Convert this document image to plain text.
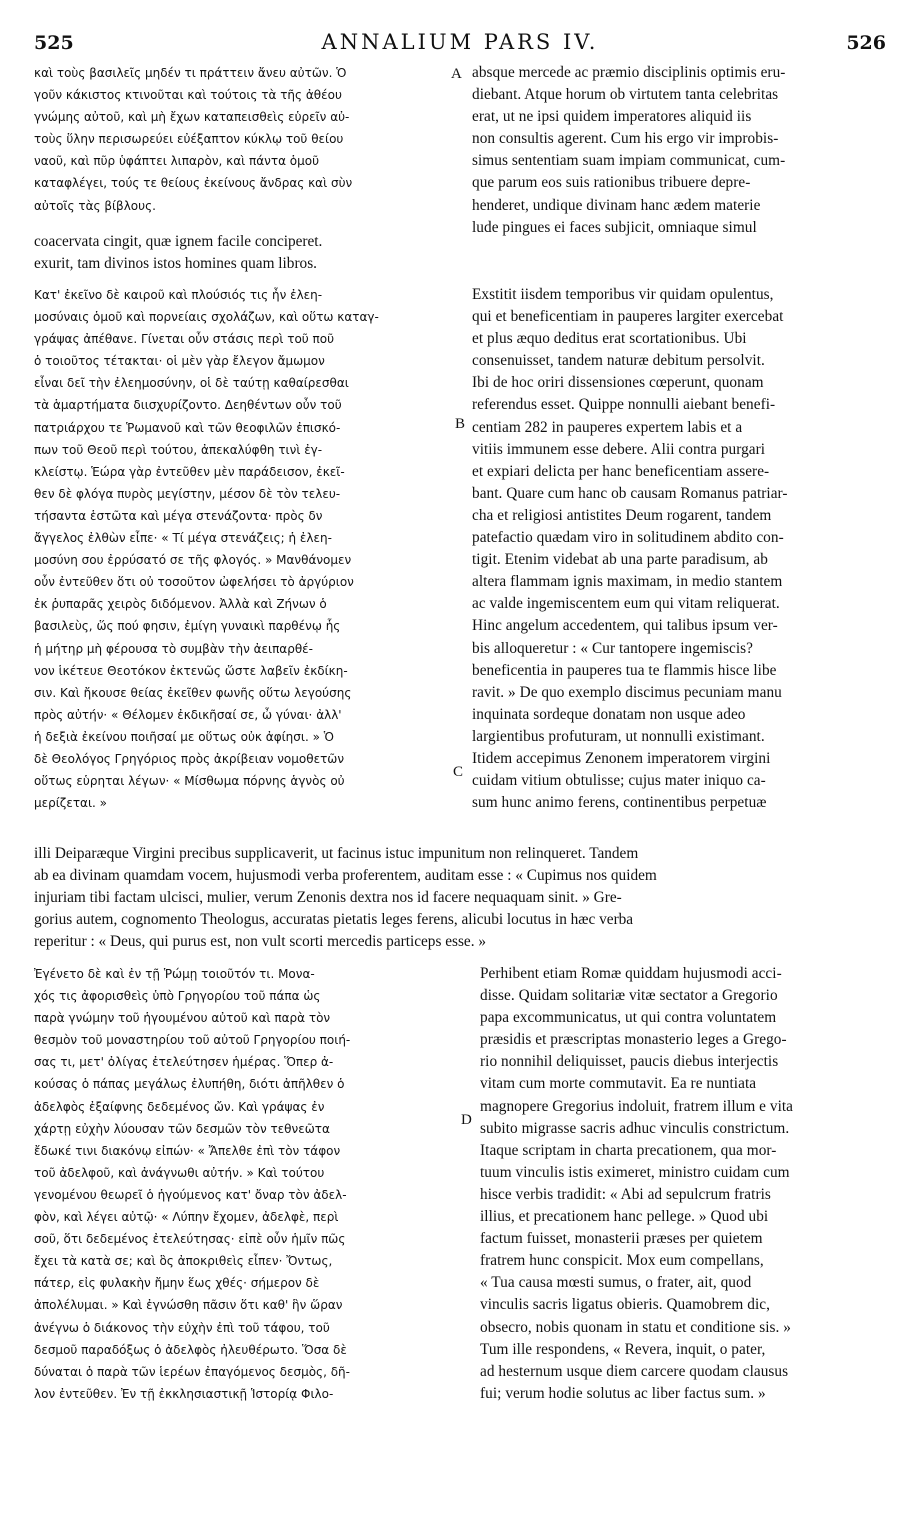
525	ANNALIUM PARS IV.	526
A
B
C
D
καὶ τοὺς βασιλεῖς μηδέν τι πράττειν ἄνευ αὐτῶν. Ὁ
γοῦν κάκιστος κτινοῦται καὶ τούτοις τὰ τῆς ἀθέου
γνώμης αὐτοῦ, καὶ μὴ ἔχων καταπεισθεὶς εὑρεῖν αὐ-
τοὺς ὕλην περισωρεύει εὐέξαπτον κύκλῳ τοῦ θείου
ναοῦ, καὶ πῦρ ὑφάπτει λιπαρὸν, καὶ πάντα ὁμοῦ
καταφλέγει, τούς τε θείους ἐκείνους ἄνδρας καὶ σὺν
αὐτοῖς τὰς βίβλους.
absque mercede ac præmio disciplinis optimis eru-
diebant. Atque horum ob virtutem tanta celebritas
erat, ut ne ipsi quidem imperatores aliquid iis
non consultis agerent. Cum his ergo vir improbis-
simus sententiam suam impiam communicat, cum-
que parum eos suis rationibus tribuere depre-
henderet, undique divinam hanc ædem materie
lude pingues ei faces subjicit, omniaque simul
coacervata cingit, quæ ignem facile conciperet.
exurit, tam divinos istos homines quam libros.
Κατ' ἐκεῖνο δὲ καιροῦ καὶ πλούσιός τις ἦν ἐλεη-
μοσύναις ὁμοῦ καὶ πορνείαις σχολάζων, καὶ οὕτω καταγ-
γράψας ἀπέθανε. Γίνεται οὖν στάσις περὶ τοῦ ποῦ
ὁ τοιοῦτος τέτακται· οἱ μὲν γὰρ ἔλεγον ἄμωμον
εἶναι δεῖ τὴν ἐλεημοσύνην, οἱ δὲ ταύτῃ καθαίρεσθαι
τὰ ἁμαρτήματα διισχυρίζοντο. Δεηθέντων οὖν τοῦ
πατριάρχου τε Ῥωμανοῦ καὶ τῶν θεοφιλῶν ἐπισκό-
πων τοῦ Θεοῦ περὶ τούτου, ἀπεκαλύφθη τινὶ ἐγ-
κλείστῳ. Ἑώρα γὰρ ἐντεῦθεν μὲν παράδεισον, ἐκεῖ-
θεν δὲ φλόγα πυρὸς μεγίστην, μέσον δὲ τὸν τελευ-
τήσαντα ἑστῶτα καὶ μέγα στενάζοντα· πρὸς δν
ἄγγελος ἐλθὼν εἶπε· « Τί μέγα στενάζεις; ἡ ἐλεη-
μοσύνη σου ἐρρύσατό σε τῆς φλογός. » Μανθάνομεν
οὖν ἐντεῦθεν ὅτι οὐ τοσοῦτον ὠφελήσει τὸ ἀργύριον
ἐκ ῥυπαρᾶς χειρὸς διδόμενον. Ἀλλὰ καὶ Ζήνων ὁ
βασιλεὺς, ὥς πού φησιν, ἐμίγη γυναικὶ παρθένῳ ἧς
ἡ μήτηρ μὴ φέρουσα τὸ συμβὰν τὴν ἀειπαρθέ-
νον ἱκέτευε Θεοτόκον ἐκτενῶς ὥστε λαβεῖν ἐκδίκη-
σιν. Καὶ ἤκουσε θείας ἐκεῖθεν φωνῆς οὕτω λεγούσης
πρὸς αὐτήν· « Θέλομεν ἐκδικῆσαί σε, ὦ γύναι· ἀλλ'
ἡ δεξιὰ ἐκείνου ποιῆσαί με οὕτως οὐκ ἀφίησι. » Ὁ
δὲ Θεολόγος Γρηγόριος πρὸς ἀκρίβειαν νομοθετῶν
οὕτως εὑρηται λέγων· « Μίσθωμα πόρνης ἁγνὸς οὐ
μερίζεται. »
Exstitit iisdem temporibus vir quidam opulentus,
qui et beneficentiam in pauperes largiter exercebat
et plus æquo deditus erat scortationibus. Ubi
consenuisset, tandem naturæ debitum persolvit.
Ibi de hoc oriri dissensiones cœperunt, quonam
referendus esset. Quippe nonnulli aiebant benefi-
centiam 282 in pauperes expertem labis et a
vitiis immunem esse debere. Alii contra purgari
et expiari delicta per hanc beneficentiam assere-
bant. Quare cum hanc ob causam Romanus patriar-
cha et religiosi antistites Deum rogarent, tandem
patefactio quædam viro in solitudinem abdito con-
tigit. Etenim videbat ab una parte paradisum, ab
altera flammam ignis maximam, in medio stantem
ac valde ingemiscentem eum qui vitam reliquerat.
Hinc angelum accedentem, qui talibus ipsum ver-
bis alloqueretur : « Cur tantopere ingemiscis?
beneficentia in pauperes tua te flammis hisce libe
ravit. » De quo exemplo discimus pecuniam manu
inquinata sordeque donatam non usque adeo
largientibus profuturam, ut nonnulli existimant.
Itidem accepimus Zenonem imperatorem virgini
cuidam vitium obtulisse; cujus mater iniquo ca-
sum hunc animo ferens, continentibus perpetuæ
illi Deiparæque Virgini precibus supplicaverit, ut facinus istuc impunitum non relinqueret. Tandem
ab ea divinam quamdam vocem, hujusmodi verba proferentem, auditam esse : « Cupimus nos quidem
injuriam tibi factam ulcisci, mulier, verum Zenonis dextra nos id facere nequaquam sinit. » Gre-
gorius autem, cognomento Theologus, accuratas pietatis leges ferens, alicubi locutus in hæc verba
reperitur : « Deus, qui purus est, non vult scorti mercedis particeps esse. »
Ἐγένετο δὲ καὶ ἐν τῇ Ῥώμῃ τοιοῦτόν τι. Μονα-
χός τις ἀφορισθεὶς ὑπὸ Γρηγορίου τοῦ πάπα ὡς
παρὰ γνώμην τοῦ ἡγουμένου αὐτοῦ καὶ παρὰ τὸν
θεσμὸν τοῦ μοναστηρίου τοῦ αὐτοῦ Γρηγορίου ποιή-
σας τι, μετ' ὀλίγας ἐτελεύτησεν ἡμέρας. Ὅπερ ἀ-
κούσας ὁ πάπας μεγάλως ἐλυπήθη, διότι ἀπῆλθεν ὁ
ἀδελφὸς ἐξαίφνης δεδεμένος ὤν. Καὶ γράψας ἐν
χάρτῃ εὐχὴν λύουσαν τῶν δεσμῶν τὸν τεθνεῶτα
ἔδωκέ τινι διακόνῳ εἰπών· « Ἄπελθε ἐπὶ τὸν τάφον
τοῦ ἀδελφοῦ, καὶ ἀνάγνωθι αὐτήν. » Καὶ τούτου
γενομένου θεωρεῖ ὁ ἡγούμενος κατ' ὄναρ τὸν ἀδελ-
φὸν, καὶ λέγει αὐτῷ· « Λύπην ἔχομεν, ἀδελφὲ, περὶ
σοῦ, ὅτι δεδεμένος ἐτελεύτησας· εἰπὲ οὖν ἡμῖν πῶς
ἔχει τὰ κατὰ σε; καὶ ὃς ἀποκριθεὶς εἶπεν· Ὄντως,
πάτερ, εἰς φυλακὴν ἤμην ἕως χθές· σήμερον δὲ
ἀπολέλυμαι. » Καὶ ἐγνώσθη πᾶσιν ὅτι καθ' ἣν ὥραν
ἀνέγνω ὁ διάκονος τὴν εὐχὴν ἐπὶ τοῦ τάφου, τοῦ
δεσμοῦ παραδόξως ὁ ἀδελφὸς ἠλευθέρωτο. Ὅσα δὲ
δύναται ὁ παρὰ τῶν ἱερέων ἐπαγόμενος δεσμὸς, δῆ-
λον ἐντεῦθεν. Ἐν τῇ ἐκκλησιαστικῇ Ἱστορίᾳ Φιλο-
Perhibent etiam Romæ quiddam hujusmodi acci-
disse. Quidam solitariæ vitæ sectator a Gregorio
papa excommunicatus, ut qui contra voluntatem
præsidis et præscriptas monasterio leges a Grego-
rio nonnihil deliquisset, paucis diebus interjectis
vitam cum morte commutavit. Ea re nuntiata
magnopere Gregorius indoluit, fratrem illum e vita
subito migrasse sacris adhuc vinculis constrictum.
Itaque scriptam in charta precationem, qua mor-
tuum vinculis istis eximeret, ministro cuidam cum
hisce verbis tradidit: « Abi ad sepulcrum fratris
illius, et precationem hanc pellege. » Quod ubi
factum fuisset, monasterii præses per quietem
fratrem hunc conspicit. Mox eum compellans,
« Tua causa mœsti sumus, o frater, ait, quod
vinculis sacris ligatus obieris. Quamobrem dic,
obsecro, nobis quonam in statu et conditione sis. »
Tum ille respondens, « Revera, inquit, o pater,
ad hesternum usque diem carcere quodam clausus
fui; verum hodie solutus ac liber factus sum. »
